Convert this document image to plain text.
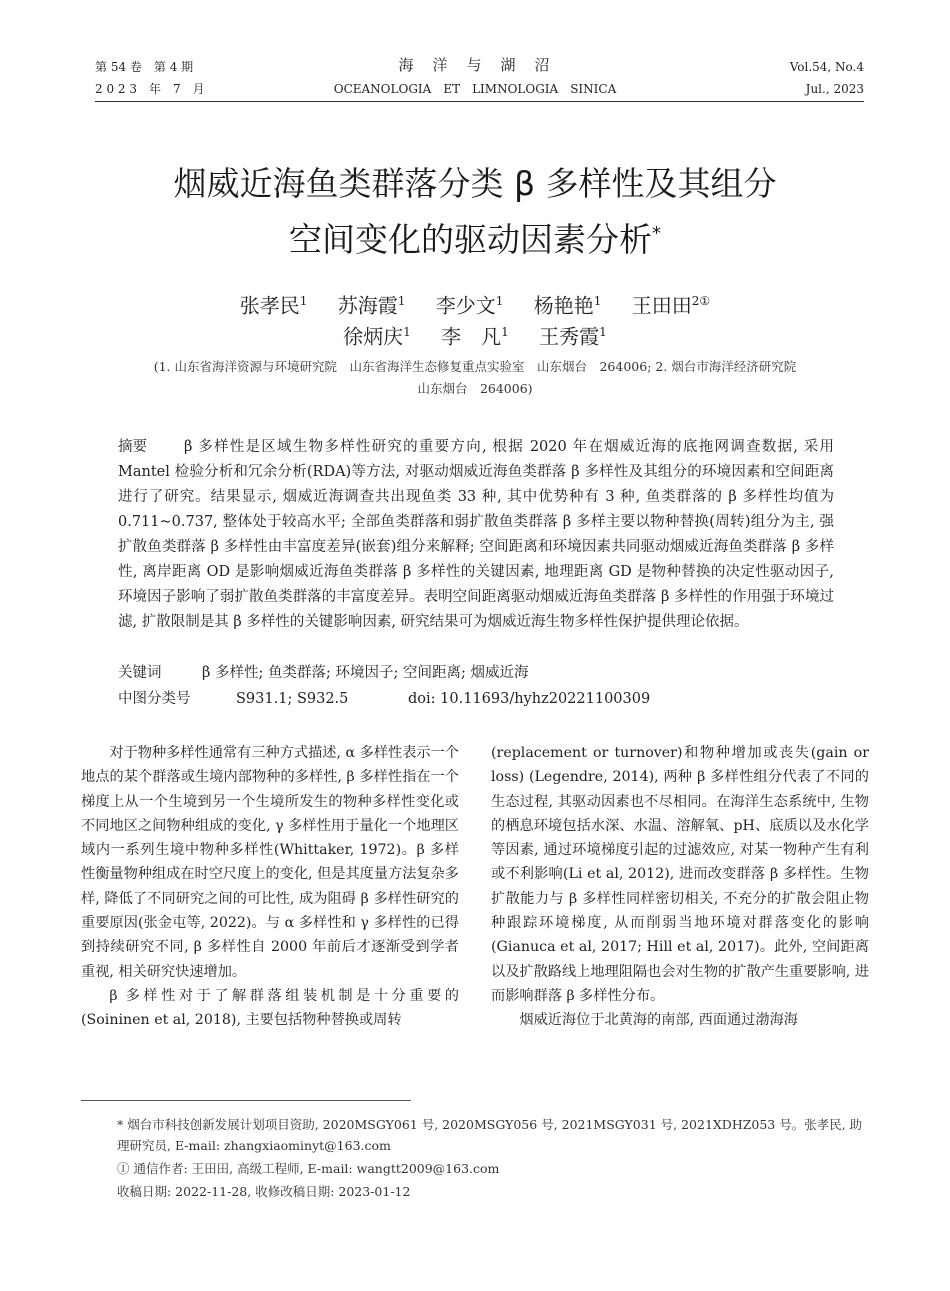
第 54 卷　第 4 期
2 0 2 3　年　7　月
海　洋　与　湖　沼
OCEANOLOGIA　ET　LIMNOLOGIA　SINICA
Vol.54, No.4
Jul., 2023
烟威近海鱼类群落分类 β 多样性及其组分
空间变化的驱动因素分析*
张孝民$^1$ 苏海霞$^1$ 李少文$^1$ 杨艳艳$^1$ 王田田$^{2①}$
徐炳庆$^1$ 李　凡$^1$ 王秀霞$^1$
(1. 山东省海洋资源与环境研究院　山东省海洋生态修复重点实验室　山东烟台　264006; 2. 烟台市海洋经济研究院
山东烟台　264006)
摘要	β 多样性是区域生物多样性研究的重要方向, 根据 2020 年在烟威近海的底拖网调查数据, 采用 Mantel 检验分析和冗余分析(RDA)等方法, 对驱动烟威近海鱼类群落 β 多样性及其组分的环境因素和空间距离进行了研究。结果显示, 烟威近海调查共出现鱼类 33 种, 其中优势种有 3 种, 鱼类群落的 β 多样性均值为 0.711~0.737, 整体处于较高水平; 全部鱼类群落和弱扩散鱼类群落 β 多样主要以物种替换(周转)组分为主, 强扩散鱼类群落 β 多样性由丰富度差异(嵌套)组分来解释; 空间距离和环境因素共同驱动烟威近海鱼类群落 β 多样性, 离岸距离 OD 是影响烟威近海鱼类群落 β 多样性的关键因素, 地理距离 GD 是物种替换的决定性驱动因子, 环境因子影响了弱扩散鱼类群落的丰富度差异。表明空间距离驱动烟威近海鱼类群落 β 多样性的作用强于环境过滤, 扩散限制是其 β 多样性的关键影响因素, 研究结果可为烟威近海生物多样性保护提供理论依据。
关键词	β 多样性; 鱼类群落; 环境因子; 空间距离; 烟威近海
中图分类号	S931.1; S932.5	doi: 10.11693/hyhz20221100309

对于物种多样性通常有三种方式描述, α 多样性表示一个地点的某个群落或生境内部物种的多样性, β 多样性指在一个梯度上从一个生境到另一个生境所发生的物种多样性变化或不同地区之间物种组成的变化, γ 多样性用于量化一个地理区域内一系列生境中物种多样性(Whittaker, 1972)。β 多样性衡量物种组成在时空尺度上的变化, 但是其度量方法复杂多样, 降低了不同研究之间的可比性, 成为阻碍 β 多样性研究的重要原因(张金屯等, 2022)。与 α 多样性和 γ 多样性的已得到持续研究不同, β 多样性自 2000 年前后才逐渐受到学者重视, 相关研究快速增加。

β 多样性对于了解群落组装机制是十分重要的(Soininen et al, 2018), 主要包括物种替换或周转

(replacement or turnover)和物种增加或丧失(gain or loss) (Legendre, 2014), 两种 β 多样性组分代表了不同的生态过程, 其驱动因素也不尽相同。在海洋生态系统中, 生物的栖息环境包括水深、水温、溶解氧、pH、底质以及水化学等因素, 通过环境梯度引起的过滤效应, 对某一物种产生有利或不利影响(Li et al, 2012), 进而改变群落 β 多样性。生物扩散能力与 β 多样性同样密切相关, 不充分的扩散会阻止物种跟踪环境梯度, 从而削弱当地环境对群落变化的影响(Gianuca et al, 2017; Hill et al, 2017)。此外, 空间距离以及扩散路线上地理阻隔也会对生物的扩散产生重要影响, 进而影响群落 β 多样性分布。

烟威近海位于北黄海的南部, 西面通过渤海海

* 烟台市科技创新发展计划项目资助, 2020MSGY061 号, 2020MSGY056 号, 2021MSGY031 号, 2021XDHZ053 号。张孝民, 助理研究员, E-mail: zhangxiaominyt@163.com
① 通信作者: 王田田, 高级工程师, E-mail: wangtt2009@163.com
收稿日期: 2022-11-28, 收修改稿日期: 2023-01-12
